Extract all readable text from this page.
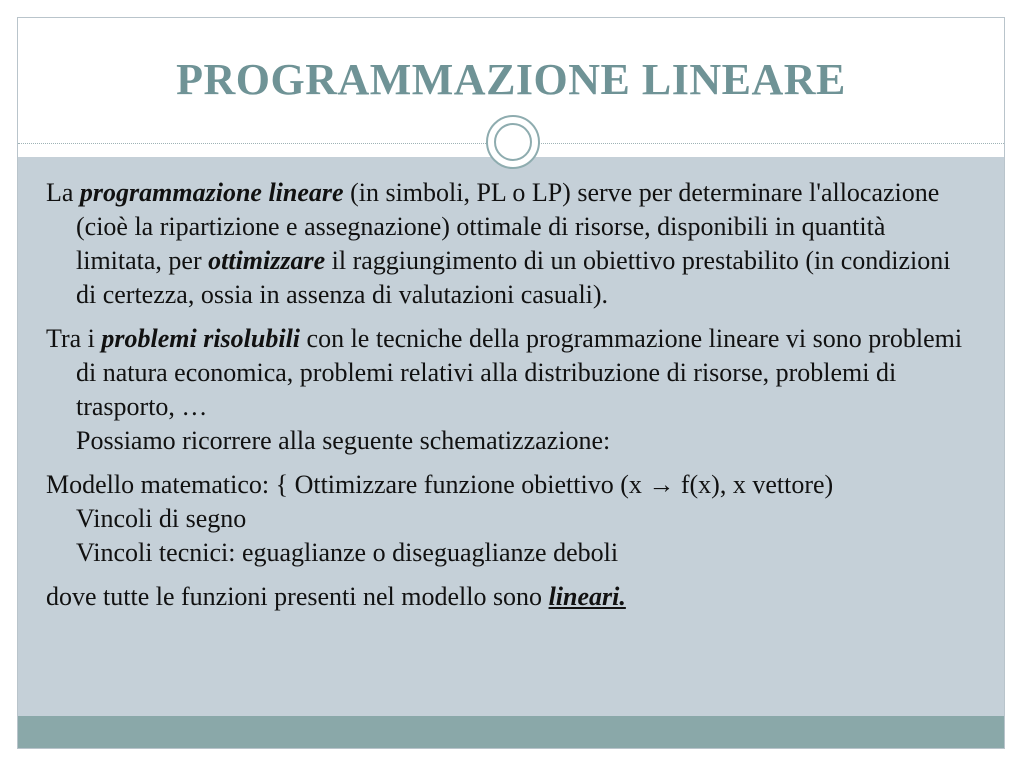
PROGRAMMAZIONE LINEARE

La programmazione lineare (in simboli, PL o LP) serve per determinare l'allocazione (cioè la ripartizione e assegnazione) ottimale di risorse, disponibili in quantità limitata, per ottimizzare il raggiungimento di un obiettivo prestabilito (in condizioni di certezza, ossia in assenza di valutazioni casuali).

Tra i problemi risolubili con le tecniche della programmazione lineare vi sono problemi di natura economica, problemi relativi alla distribuzione di risorse, problemi di trasporto, …
Possiamo ricorrere alla seguente schematizzazione:

Modello matematico: { Ottimizzare funzione obiettivo (x → f(x), x vettore)
Vincoli di segno
Vincoli tecnici: eguaglianze o diseguaglianze deboli

dove tutte le funzioni presenti nel modello sono lineari.
